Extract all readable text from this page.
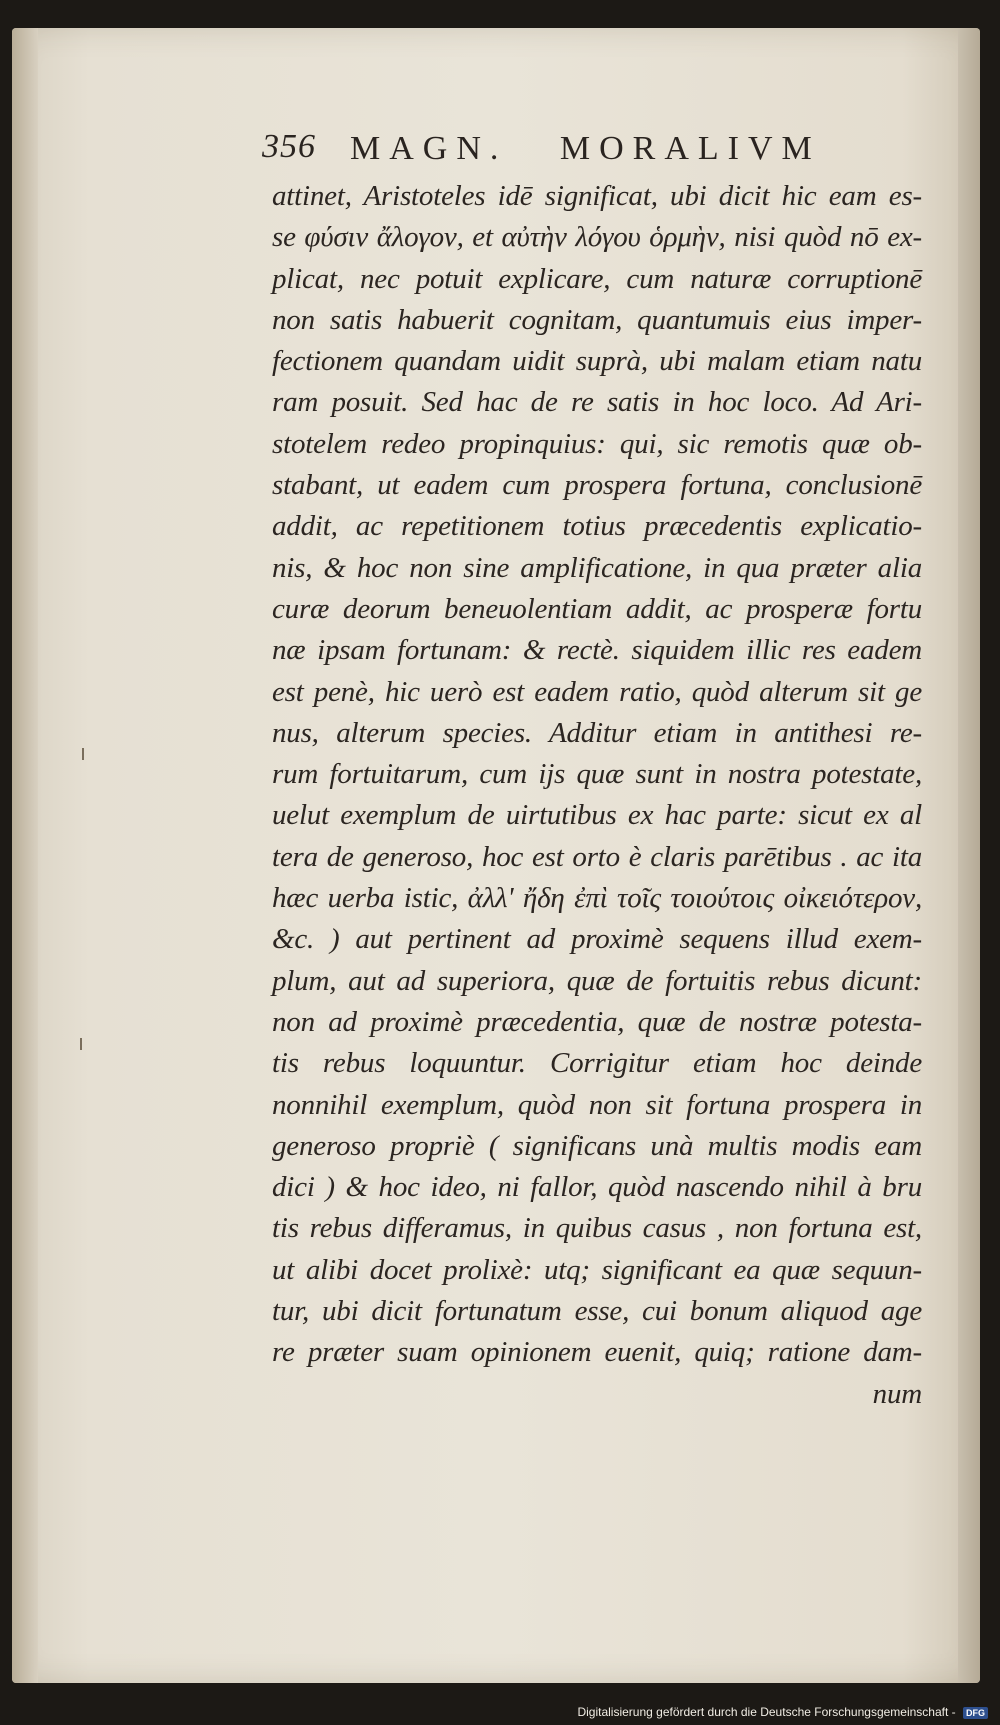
356 MAGN.   MORALIVM
attinet, Aristoteles idē significat, ubi dicit hic eam es-
se φύσιν ἄλογον, et αὐτὴν λόγου ὁρμὴν, nisi quòd nō ex-
plicat, nec potuit explicare, cum naturæ corruptionē
non satis habuerit cognitam, quantumuis eius imper-
fectionem quandam uidit suprà, ubi malam etiam natu
ram posuit. Sed hac de re satis in hoc loco. Ad Ari-
stotelem redeo propinquius: qui, sic remotis quæ ob-
stabant, ut eadem cum prospera fortuna, conclusionē
addit, ac repetitionem totius præcedentis explicatio-
nis, & hoc non sine amplificatione, in qua præter alia
curæ deorum beneuolentiam addit, ac prosperæ fortu
næ ipsam fortunam: & rectè. siquidem illic res eadem
est penè, hic uerò est eadem ratio, quòd alterum sit ge
nus, alterum species. Additur etiam in antithesi re-
rum fortuitarum, cum ijs quæ sunt in nostra potestate,
uelut exemplum de uirtutibus ex hac parte: sicut ex al
tera de generoso, hoc est orto è claris parētibus . ac ita
hæc uerba istic, ἀλλ' ἤδη ἐπὶ τοῖς τοιούτοις οἰκειότερον,
&c. ) aut pertinent ad proximè sequens illud exem-
plum, aut ad superiora, quæ de fortuitis rebus dicunt:
non ad proximè præcedentia, quæ de nostræ potesta-
tis rebus loquuntur. Corrigitur etiam hoc deinde
nonnihil exemplum, quòd non sit fortuna prospera in
generoso propriè ( significans unà multis modis eam
dici ) & hoc ideo, ni fallor, quòd nascendo nihil à bru
tis rebus differamus, in quibus casus , non fortuna est,
ut alibi docet prolixè: utq; significant ea quæ sequun-
tur, ubi dicit fortunatum esse, cui bonum aliquod age
re præter suam opinionem euenit, quiq; ratione dam-
num
Digitalisierung gefördert durch die Deutsche Forschungsgemeinschaft - DFG
